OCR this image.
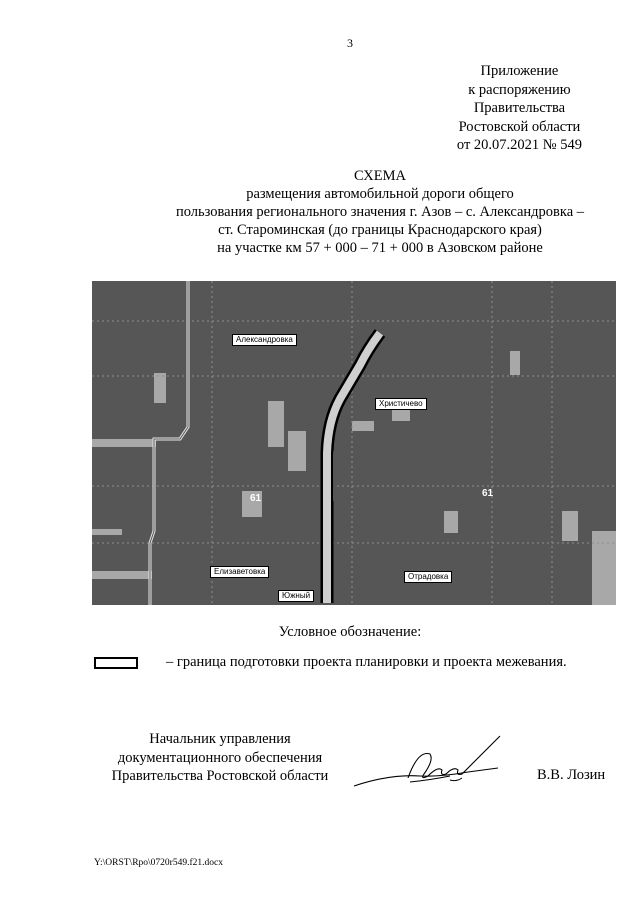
3
Приложение
к распоряжению
Правительства
Ростовской области
от 20.07.2021 № 549
СХЕМА
размещения автомобильной дороги общего
пользования регионального значения г. Азов – с. Александровка –
ст. Староминская (до границы Краснодарского края)
на участке км 57 + 000 – 71 + 000 в Азовском районе
Александровка
Христичево
Елизаветовка
Южный
Отрадовка
61	61
Условное обозначение:
– граница подготовки проекта планировки и проекта межевания.
Начальник управления
документационного обеспечения
Правительства Ростовской области	В.В. Лозин
Y:\ORST\Rpo\0720r549.f21.docx
